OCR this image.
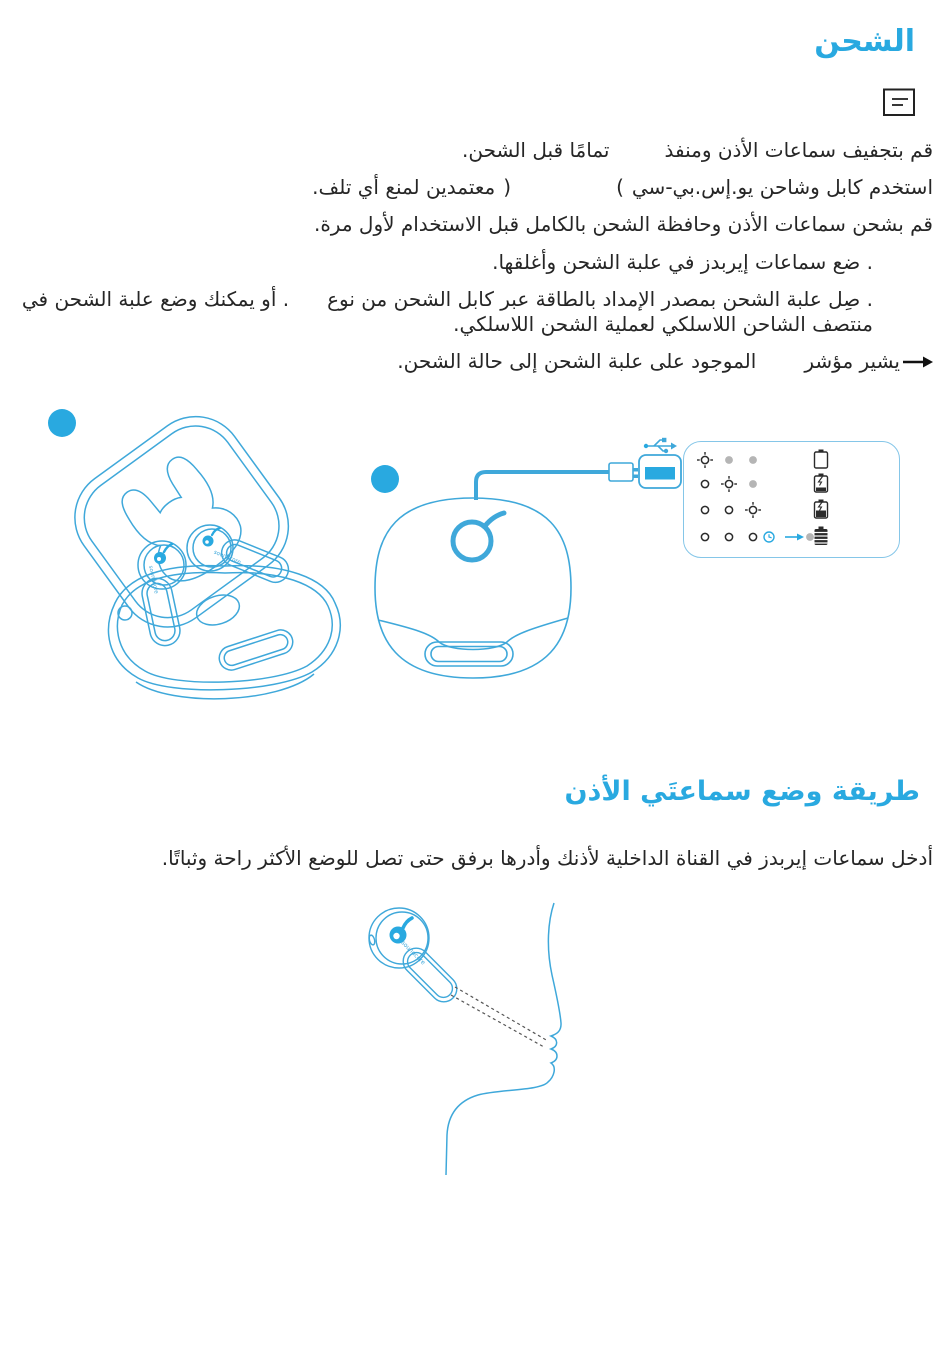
الشحن
قم بتجفيف سماعات الأذن ومنفذ
تمامًا قبل الشحن.
استخدم كابل وشاحن يو.إس.بي-سي
(
)
معتمدين لمنع أي تلف.
قم بشحن سماعات الأذن وحافظة الشحن بالكامل قبل الاستخدام لأول مرة.
. ضع سماعات إيربدز في علبة الشحن وأغلقها.
. صِل علبة الشحن بمصدر الإمداد بالطاقة عبر كابل الشحن من نوع
. أو يمكنك وضع علبة الشحن في
منتصف الشاحن اللاسلكي لعملية الشحن اللاسلكي.
يشير مؤشر
الموجود على علبة الشحن إلى حالة الشحن.
soundcore
soundcore
طريقة وضع سماعتَي الأذن
أدخل سماعات إيربدز في القناة الداخلية لأذنك وأدرها برفق حتى تصل للوضع الأكثر راحة وثباتًا.
soundcore
